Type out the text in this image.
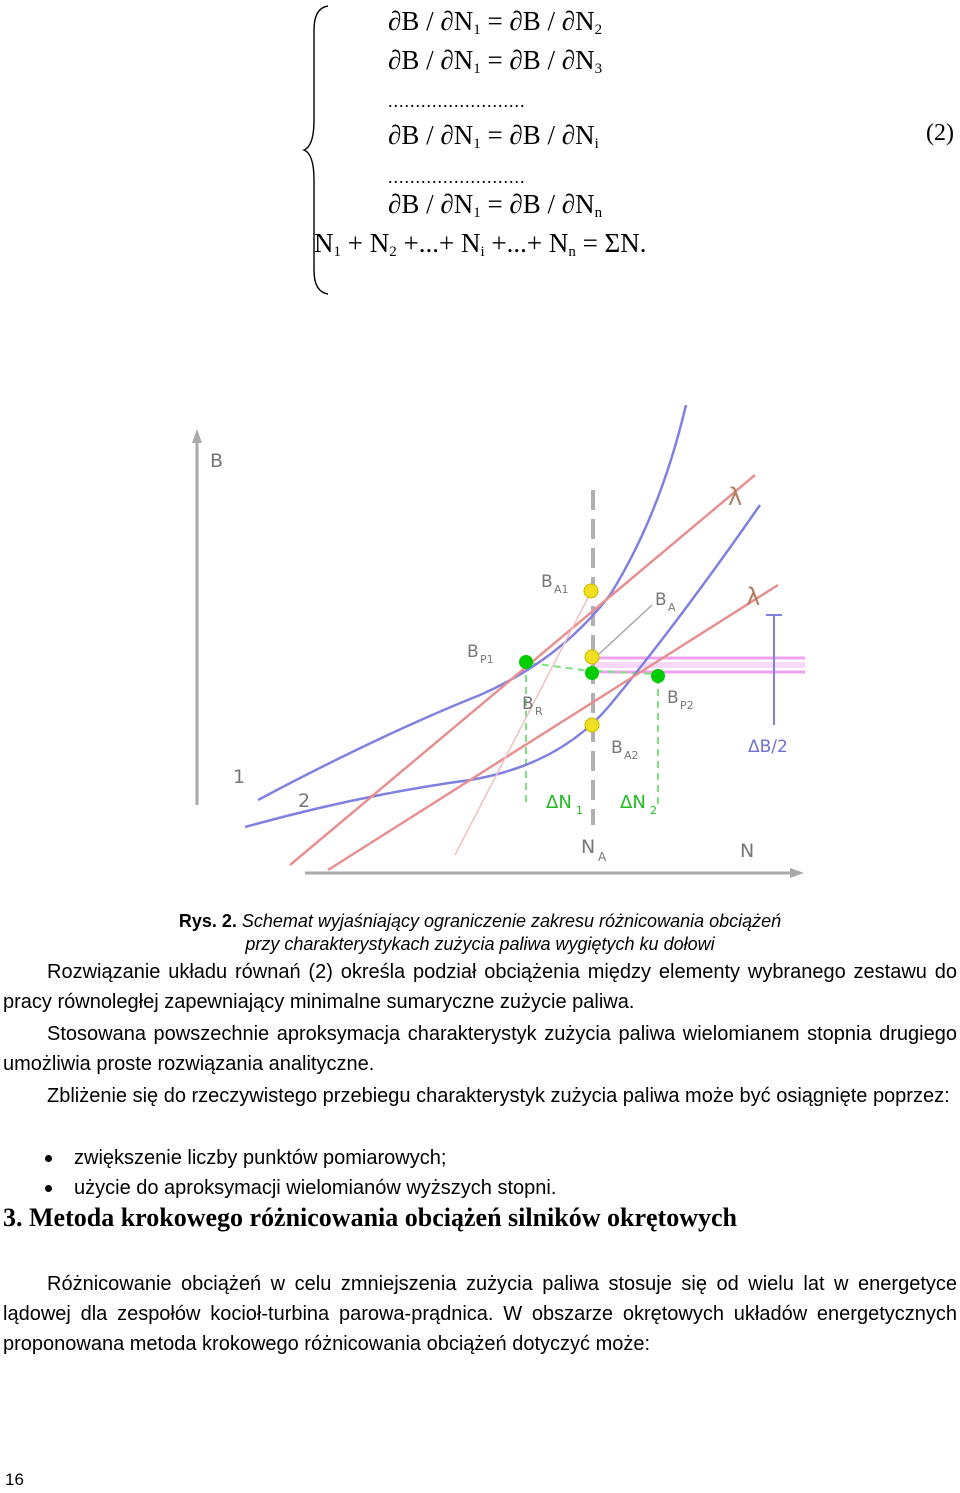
$\partial B / \partial N_1 = \partial B / \partial N_2$
$\partial B / \partial N_1 = \partial B / \partial N_3$
.........................
$\partial B / \partial N_1 = \partial B / \partial N_i$
.........................
$\partial B / \partial N_1 = \partial B / \partial N_n$
$N_1 + N_2$ +...+ $N_i$ +...+ $N_n = \Sigma N$.
(2)
λ
λ
B
N
N A
1
2
B A1
B A
B P1
B R
B P2
B A2
ΔN 1 ΔN 2
ΔB/2
Rys. 2. Schemat wyjaśniający ograniczenie zakresu różnicowania obciążeń
przy charakterystykach zużycia paliwa wygiętych ku dołowi
Rozwiązanie układu równań (2) określa podział obciążenia między elementy wybranego zestawu do pracy równoległej zapewniający minimalne sumaryczne zużycie paliwa.
Stosowana powszechnie aproksymacja charakterystyk zużycia paliwa wielomianem stopnia drugiego umożliwia proste rozwiązania analityczne.
Zbliżenie się do rzeczywistego przebiegu charakterystyk zużycia paliwa może być osiągnięte poprzez:
zwiększenie liczby punktów pomiarowych;
użycie do aproksymacji wielomianów wyższych stopni.
3. Metoda krokowego różnicowania obciążeń silników okrętowych
Różnicowanie obciążeń w celu zmniejszenia zużycia paliwa stosuje się od wielu lat w energetyce lądowej dla zespołów kocioł-turbina parowa-prądnica. W obszarze okrętowych układów energetycznych proponowana metoda krokowego różnicowania obciążeń dotyczyć może:
16
